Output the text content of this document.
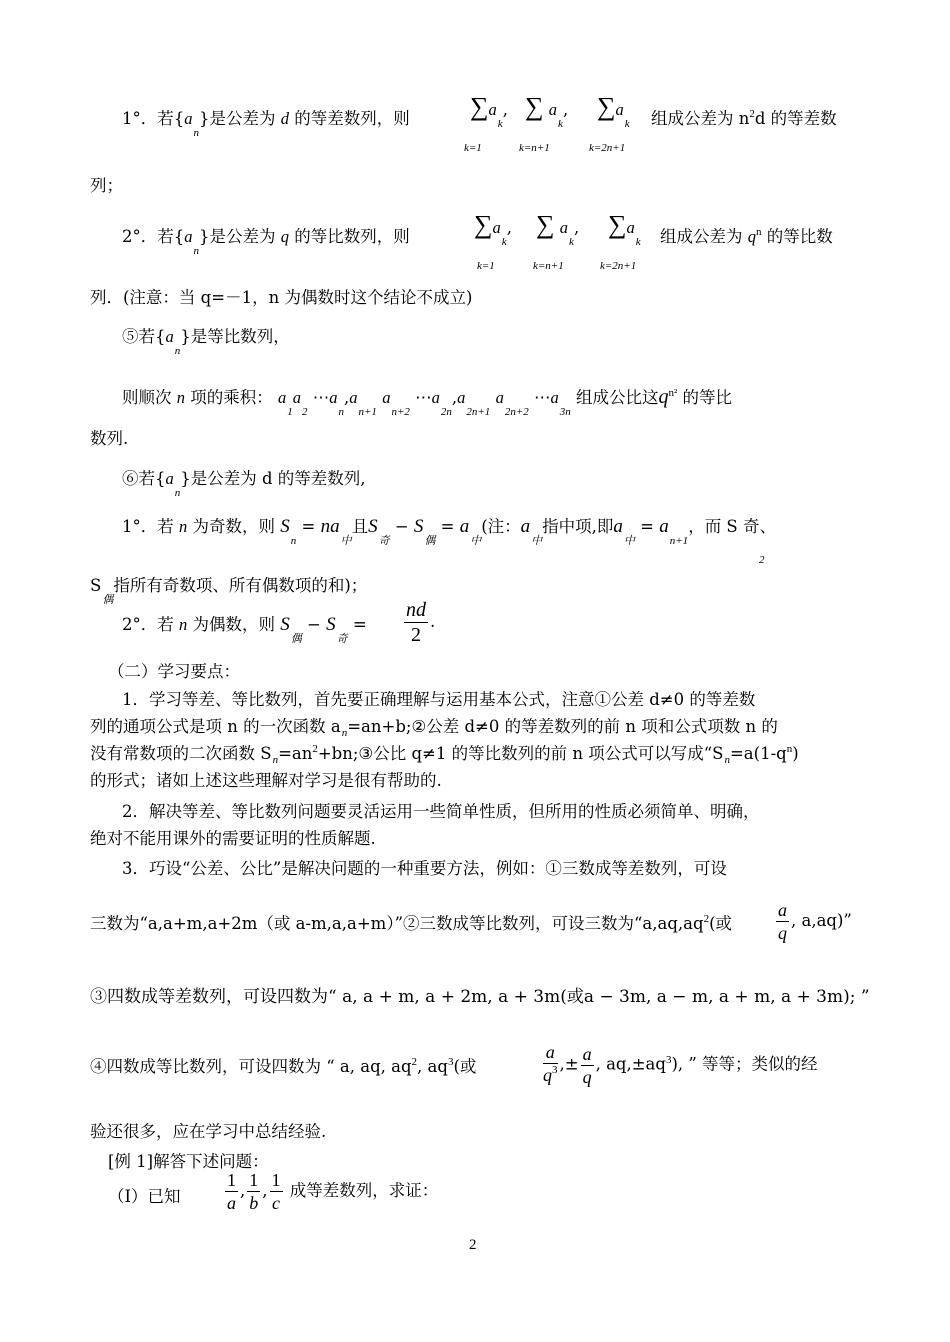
1°．若$\{a_n\}$是公差为 d 的等差数列，则 $\sum a_k$,
k=1
∑ $a_k$,
k=n+1
$\sum a_k$
k=2n+1
组成公差为 $n^2d$ 的等差数
列；
2°．若$\{a_n\}$是公差为 q 的等比数列，则 $\sum a_k$,
k=1
∑ $a_k$,
k=n+1
$\sum a_k$
k=2n+1
组成公差为 $q^n$ 的等比数
列．(注意：当 q=－1，n 为偶数时这个结论不成立)
⑤若$\{a_n\}$是等比数列，
则顺次 n 项的乘积： $a_1a_2$ $\cdots a_n,a_{n+1}$ $a_{n+2}$ $\cdots a_{2n},a_{2n+1}$ $a_{2n+2}$ $\cdots a_{3n}$ 组成公比这$q^{n^2}$ 的等比
数列.
⑥若$\{a_n\}$是公差为 d 的等差数列,
1°．若 n 为奇数，则 $S_n = na_中$且$S_奇 - S_偶 = a_中$(注：$a_中$指中项,即$a_中 = a_{n+1}$，而 S 奇、
2
$S_偶$指所有奇数项、所有偶数项的和)；
2°．若 n 为偶数，则 $S_偶 - S_奇 = \frac{nd}{2}$ .
（二）学习要点：
1．学习等差、等比数列，首先要正确理解与运用基本公式，注意①公差 d≠0 的等差数
列的通项公式是项 n 的一次函数 $a_n=an+b;②$公差 d≠0 的等差数列的前 n 项和公式项数 n 的
没有常数项的二次函数 $S_n=an^2+bn;③$公比 q≠1 的等比数列的前 n 项公式可以写成“$S_n=a(1-q^n)$
的形式；诸如上述这些理解对学习是很有帮助的.
2．解决等差、等比数列问题要灵活运用一些简单性质，但所用的性质必须简单、明确，
绝对不能用课外的需要证明的性质解题.
3．巧设“公差、公比”是解决问题的一种重要方法，例如：①三数成等差数列，可设
三数为“a,a+m,a+2m（或 a-m,a,a+m）”②三数成等比数列，可设三数为“$a,aq,aq^2$(或 $\frac{a}{q}$ , a,aq)”
③四数成等差数列，可设四数为“ a, a + m, a + 2m, a + 3m(或a − 3m, a − m, a + m, a + 3m); ”
④四数成等比数列，可设四数为 “ a, aq, $aq^2$, $aq^3$(或	$\frac{a}{q^3}$ ,± $\frac{a}{q}$ , $aq,\pm aq^3$), ” 等等；类似的经
验还很多，应在学习中总结经验.
[例 1]解答下述问题：
（Ⅰ）已知 $\frac{1}{a}$ , $\frac{1}{b}$ , $\frac{1}{c}$ 成等差数列，求证：
2
